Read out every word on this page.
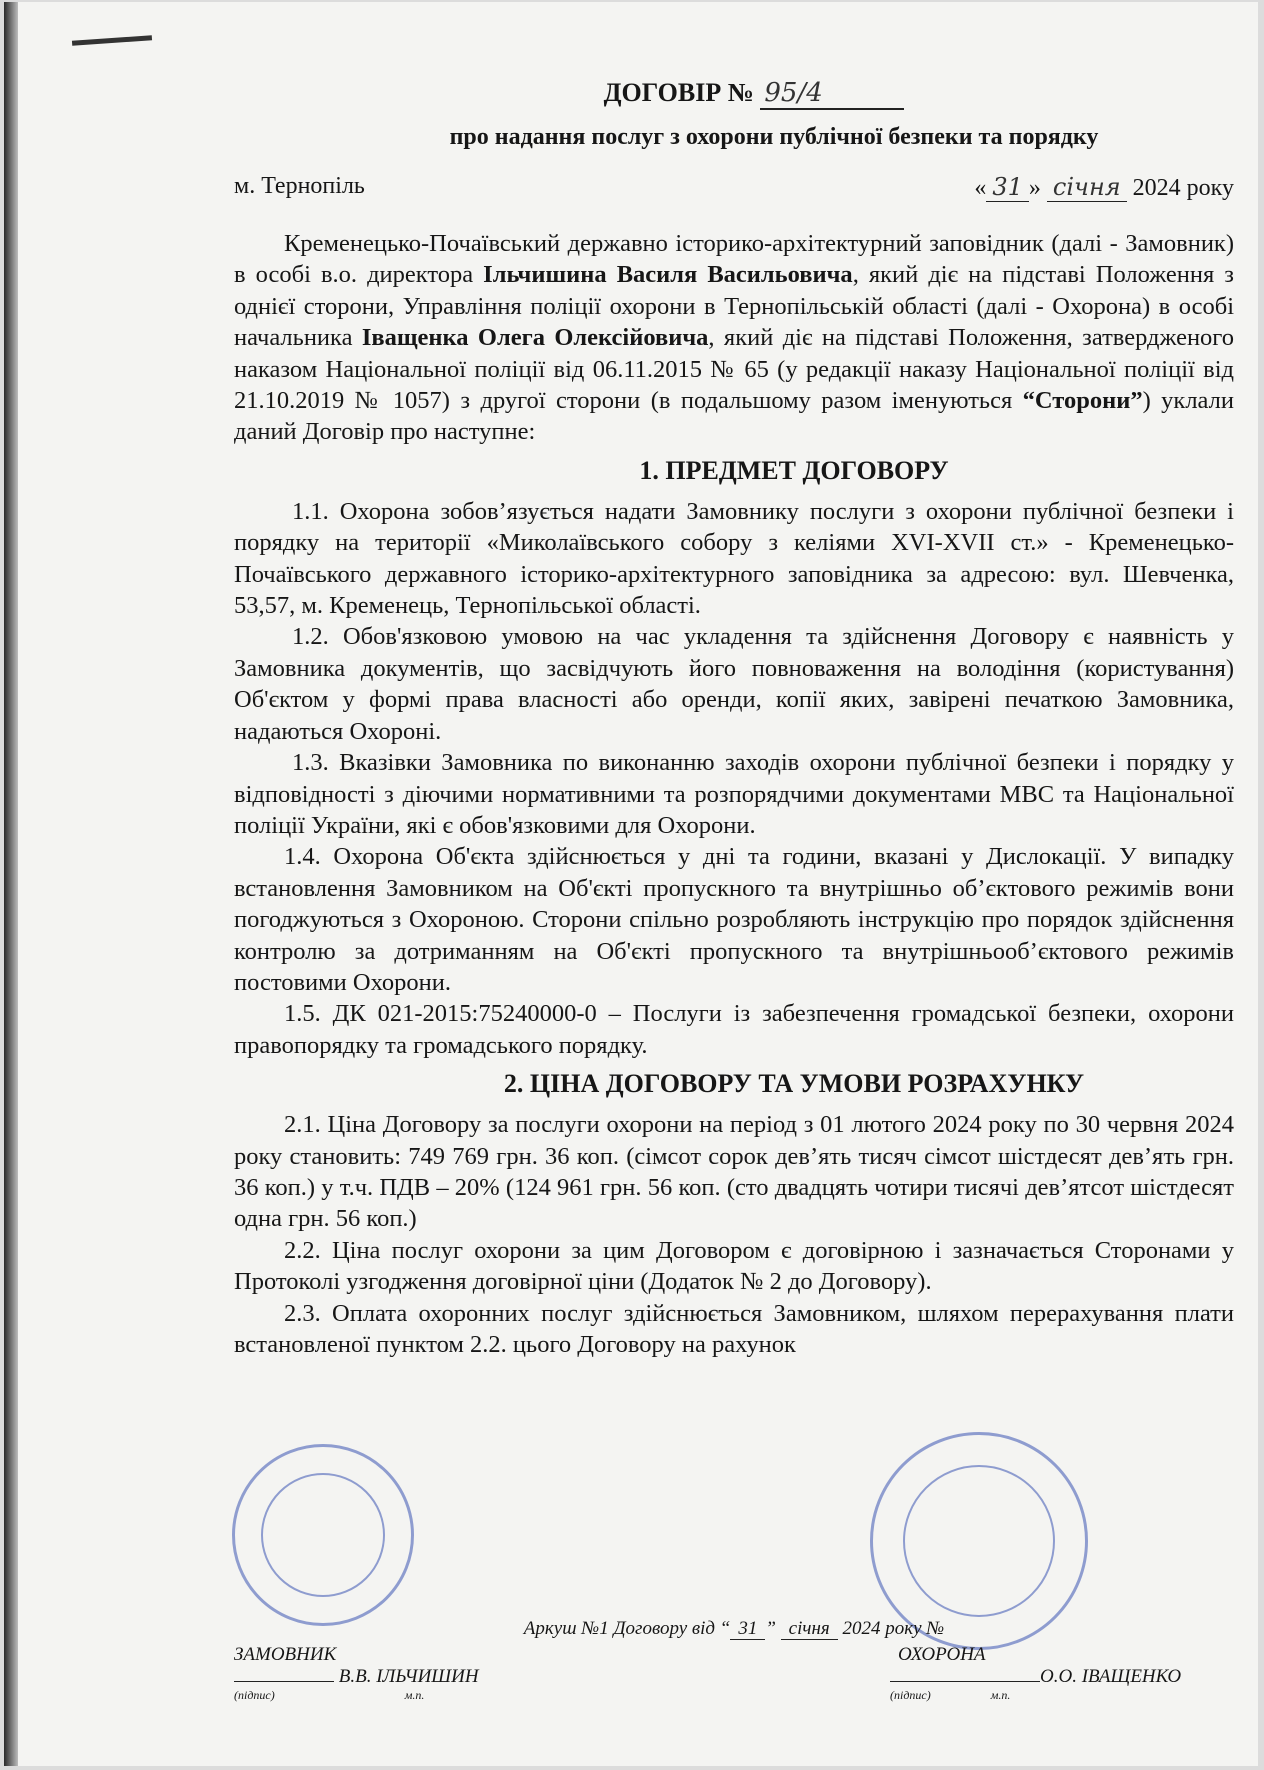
ДОГОВІР № 95/4
про надання послуг з охорони публічної безпеки та порядку
м. Тернопіль	« 31 » січня 2024 року

Кременецько-Почаївський державно історико-архітектурний заповідник (далі - Замовник) в особі в.о. директора Ільчишина Василя Васильовича, який діє на підставі Положення з однієї сторони, Управління поліції охорони в Тернопільській області (далі - Охорона) в особі начальника Іващенка Олега Олексійовича, який діє на підставі Положення, затвердженого наказом Національної поліції від 06.11.2015 № 65 (у редакції наказу Національної поліції від 21.10.2019 № 1057) з другої сторони (в подальшому разом іменуються “Сторони”) уклали даний Договір про наступне:

1. ПРЕДМЕТ ДОГОВОРУ

1.1. Охорона зобов’язується надати Замовнику послуги з охорони публічної безпеки і порядку на території «Миколаївського собору з келіями XVI-XVII ст.» - Кременецько-Почаївського державного історико-архітектурного заповідника за адресою: вул. Шевченка, 53,57, м. Кременець, Тернопільської області.

1.2. Обов'язковою умовою на час укладення та здійснення Договору є наявність у Замовника документів, що засвідчують його повноваження на володіння (користування) Об'єктом у формі права власності або оренди, копії яких, завірені печаткою Замовника, надаються Охороні.

1.3. Вказівки Замовника по виконанню заходів охорони публічної безпеки і порядку у відповідності з діючими нормативними та розпорядчими документами МВС та Національної поліції України, які є обов'язковими для Охорони.

1.4. Охорона Об'єкта здійснюється у дні та години, вказані у Дислокації. У випадку встановлення Замовником на Об'єкті пропускного та внутрішньо об’єктового режимів вони погоджуються з Охороною. Сторони спільно розробляють інструкцію про порядок здійснення контролю за дотриманням на Об'єкті пропускного та внутрішньооб’єктового режимів постовими Охорони.

1.5. ДК 021-2015:75240000-0 – Послуги із забезпечення громадської безпеки, охорони правопорядку та громадського порядку.

2. ЦІНА ДОГОВОРУ ТА УМОВИ РОЗРАХУНКУ

2.1. Ціна Договору за послуги охорони на період з 01 лютого 2024 року по 30 червня 2024 року становить: 749 769 грн. 36 коп. (сімсот сорок дев’ять тисяч сімсот шістдесят дев’ять грн. 36 коп.) у т.ч. ПДВ – 20% (124 961 грн. 56 коп. (сто двадцять чотири тисячі дев’ятсот шістдесят одна грн. 56 коп.)

2.2. Ціна послуг охорони за цим Договором є договірною і зазначається Сторонами у Протоколі узгодження договірної ціни (Додаток № 2 до Договору).

2.3. Оплата охоронних послуг здійснюється Замовником, шляхом перерахування плати встановленої пунктом 2.2. цього Договору на рахунок

Аркуш №1 Договору від “ 31 ” січня 2024 року №
ЗАМОВНИК
В.В. ІЛЬЧИШИН
(підпис)	м.п.
ОХОРОНА
О.О. ІВАЩЕНКО
(підпис)	м.п.
